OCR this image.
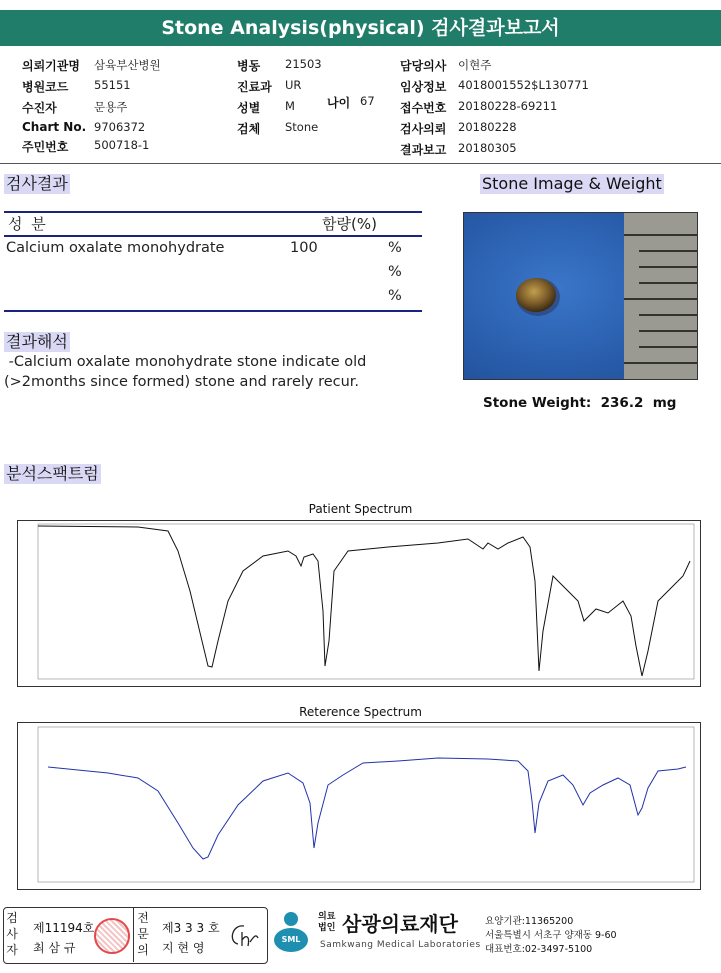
Stone Analysis(physical) 검사결과보고서
의뢰기관명	삼육부산병원
병원코드	55151
수진자	문용주
Chart No. 9706372
주민번호	500718-1
병동	21503
진료과	UR
성별	M
검체	Stone
나이 67
담당의사	이현주
임상정보	4018001552$L130771
접수번호	20180228-69211
검사의뢰	20180228
결과보고	20180305
검사결과
성 분	함량(%)
Calcium oxalate monohydrate	100	%
%
%
결과해석
-Calcium oxalate monohydrate stone indicate old
(>2months since formed) stone and rarely recur.
Stone Image & Weight
Stone Weight:  236.2  mg
분석스팩트럼
Patient Spectrum
Reterence Spectrum
검사자
제11194호
최 삼 규
전문의
제3 3 3 호
지 현 영
SML
의료법인 삼광의료재단
Samkwang Medical Laboratories
요양기관:11365200
서울특별시 서초구 양재동 9-60
대표번호:02-3497-5100
